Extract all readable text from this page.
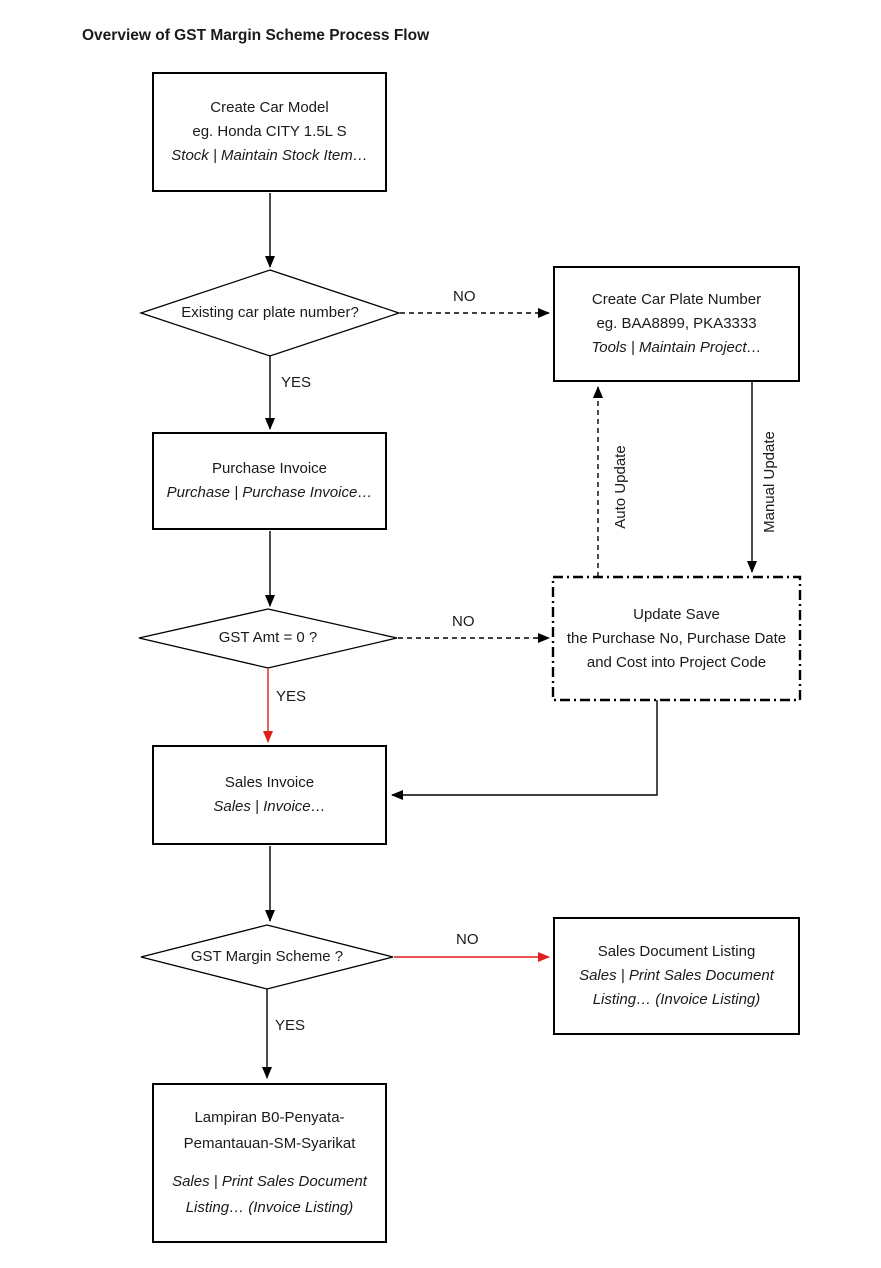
Overview of GST Margin Scheme Process Flow
Create Car Model
eg. Honda CITY 1.5L S
Stock | Maintain Stock Item…
Create Car Plate Number
eg. BAA8899, PKA3333
Tools | Maintain Project…
Purchase Invoice
Purchase | Purchase Invoice…
Update Save
the Purchase No, Purchase Date
and Cost into Project Code
Sales Invoice
Sales | Invoice…
Sales Document Listing
Sales | Print Sales Document
Listing… (Invoice Listing)
Lampiran B0-Penyata-
Pemantauan-SM-Syarikat
Sales | Print Sales Document
Listing… (Invoice Listing)
Existing car plate number?
GST Amt = 0 ?
GST Margin Scheme ?
NO
YES
NO
YES
NO
YES
Auto Update	Manual Update
